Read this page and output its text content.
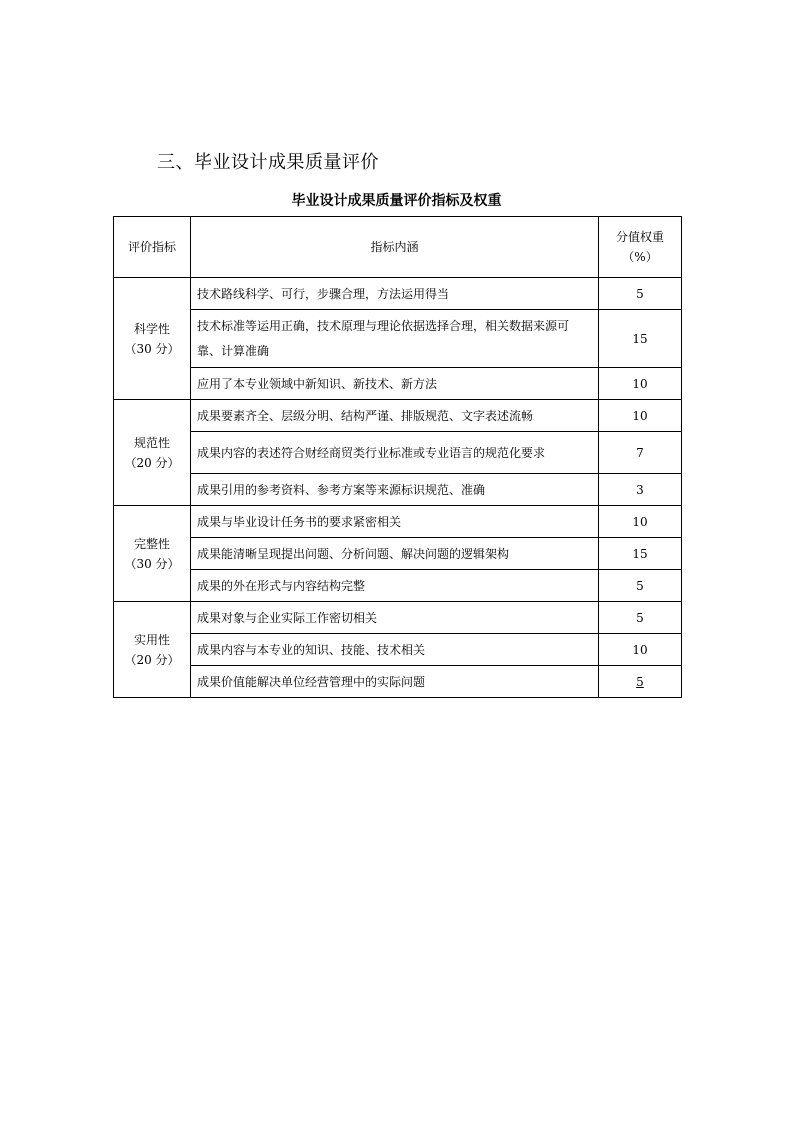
三、毕业设计成果质量评价
毕业设计成果质量评价指标及权重
评价指标	指标内涵	分值权重
（%）
科学性
（30 分）	技术路线科学、可行，步骤合理，方法运用得当	5
	技术标准等运用正确，技术原理与理论依据选择合理，相关数据来源可靠、计算准确	15
	应用了本专业领域中新知识、新技术、新方法	10
规范性
（20 分）	成果要素齐全、层级分明、结构严谨、排版规范、文字表述流畅	10
	成果内容的表述符合财经商贸类行业标准或专业语言的规范化要求	7
	成果引用的参考资料、参考方案等来源标识规范、准确	3
完整性
（30 分）	成果与毕业设计任务书的要求紧密相关	10
	成果能清晰呈现提出问题、分析问题、解决问题的逻辑架构	15
	成果的外在形式与内容结构完整	5
实用性
（20 分）	成果对象与企业实际工作密切相关	5
	成果内容与本专业的知识、技能、技术相关	10
	成果价值能解决单位经营管理中的实际问题	5
